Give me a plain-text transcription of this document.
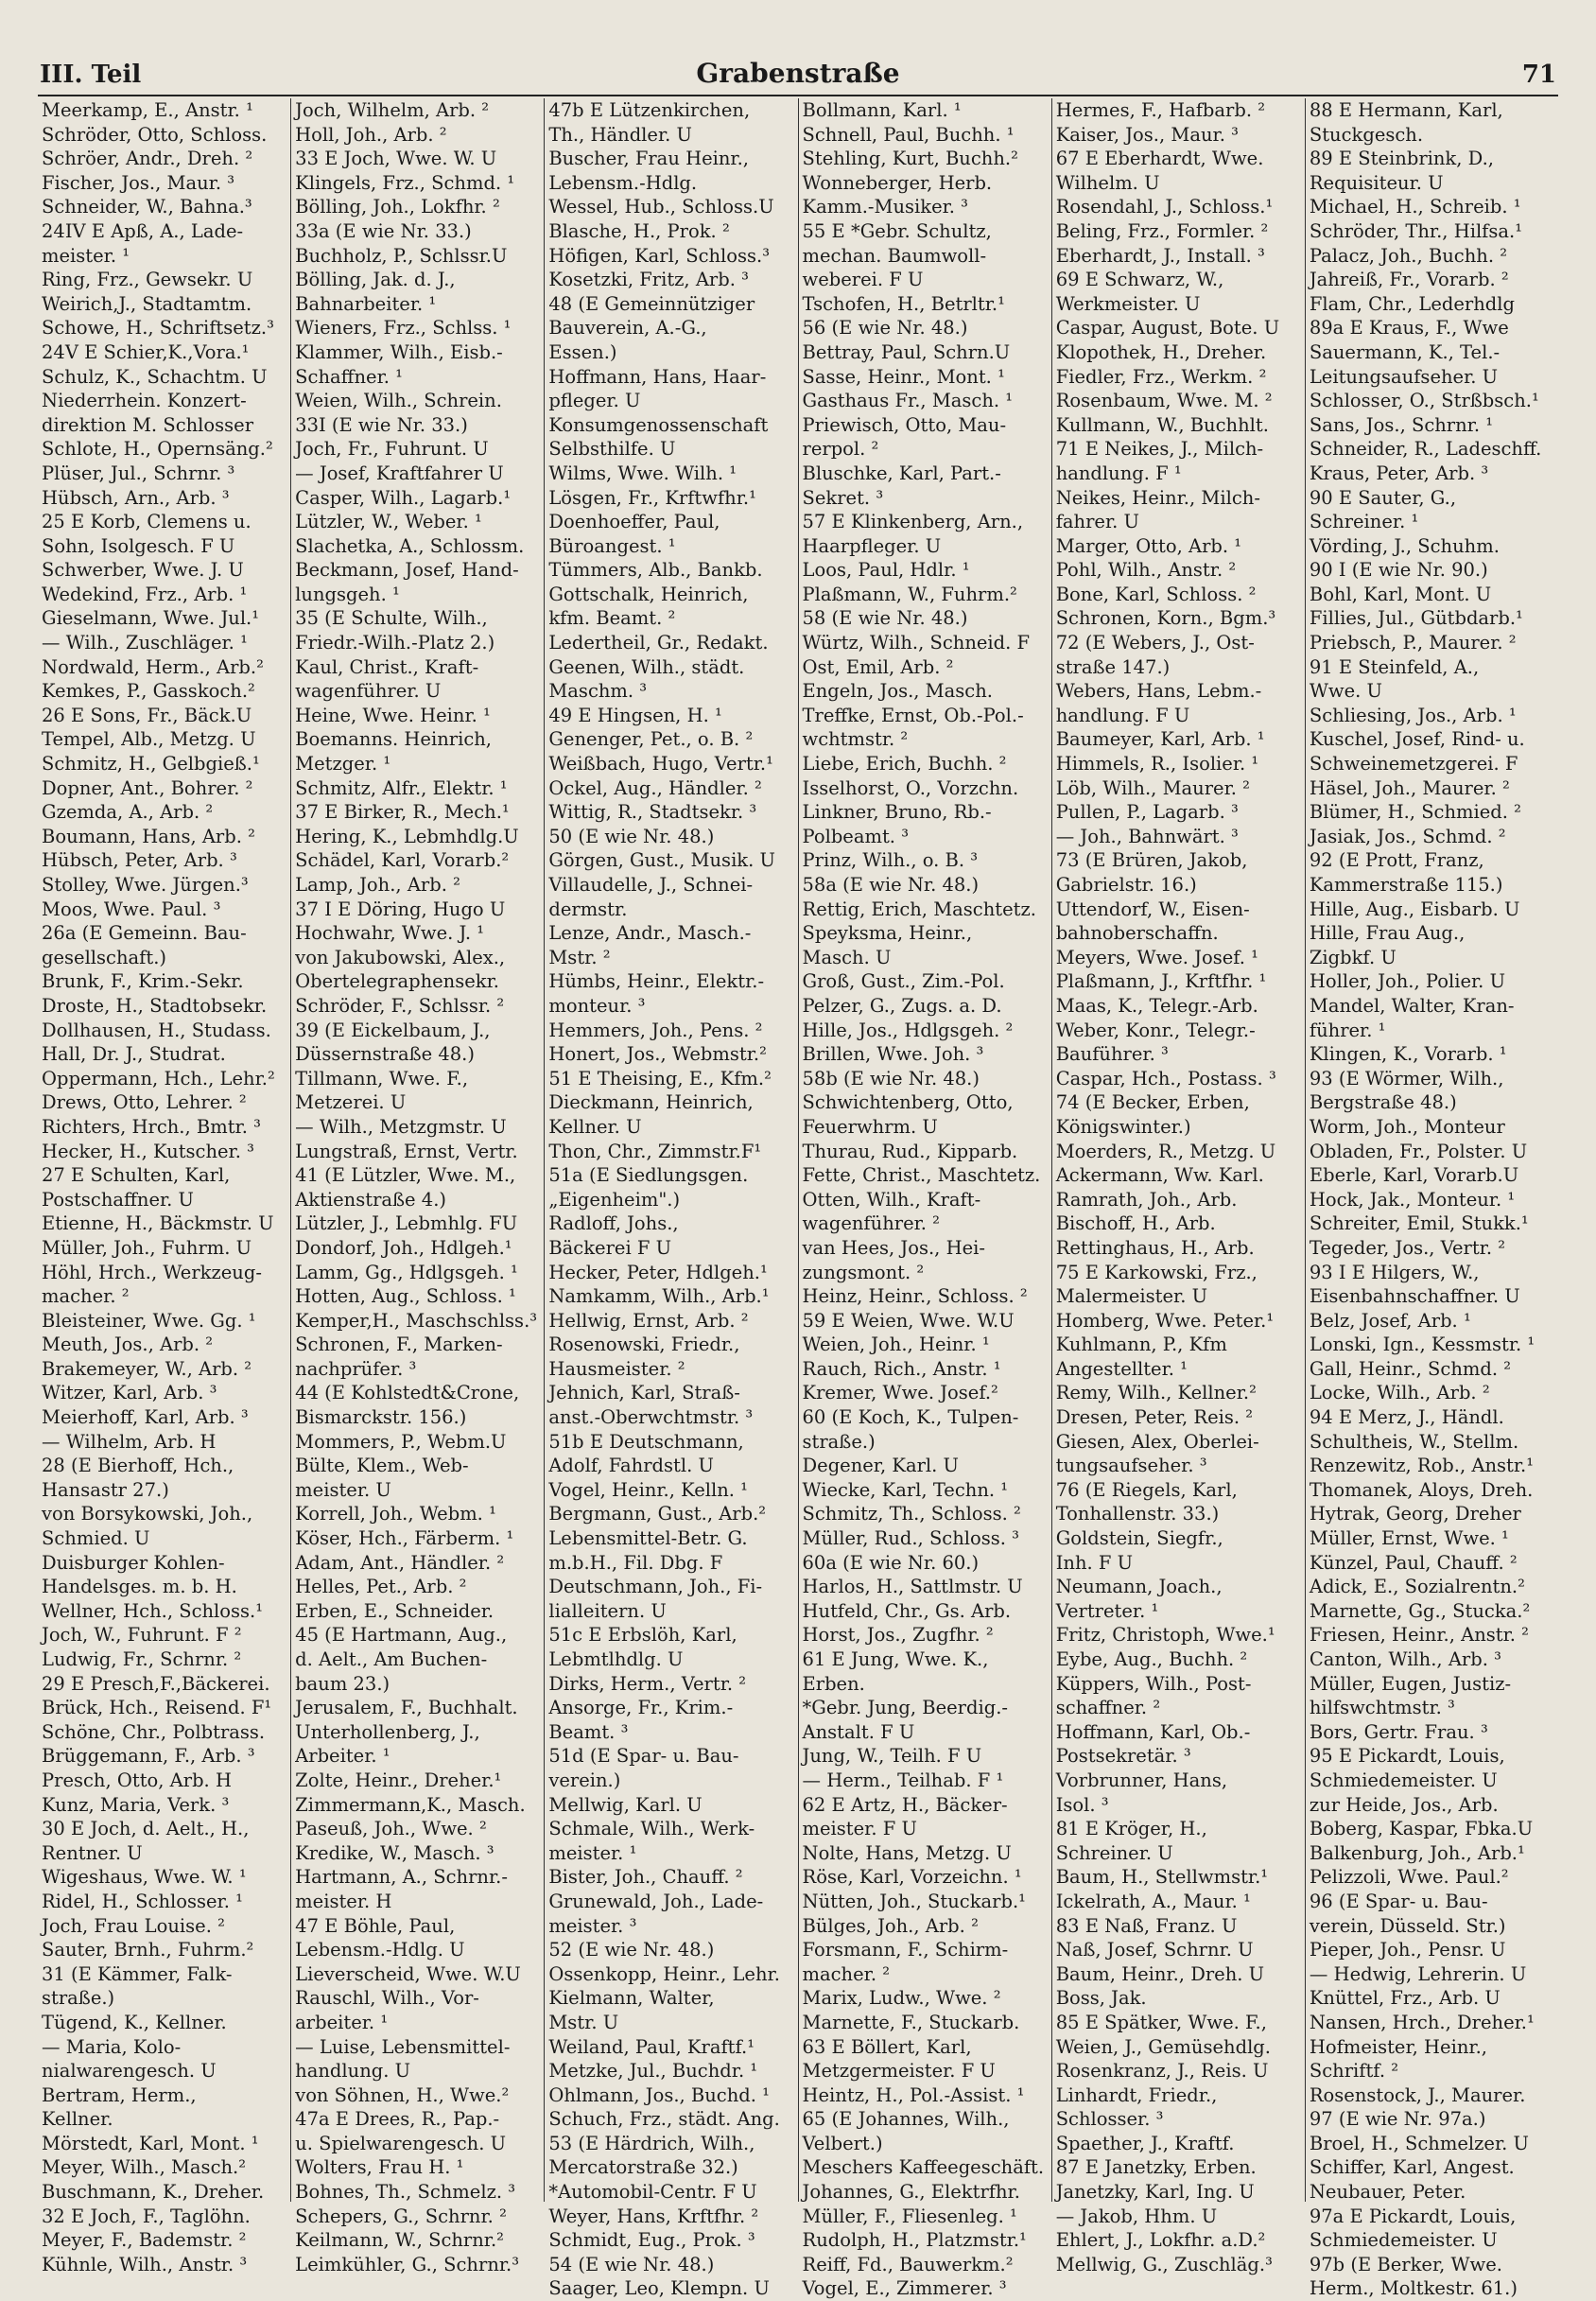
III. Teil	Grabenstraße	71
Meerkamp, E., Anstr. ¹
Schröder, Otto, Schloss.
Schröer, Andr., Dreh. ²
Fischer, Jos., Maur. ³
Schneider, W., Bahna.³
24IV E Apß, A., Lade-
meister. ¹
Ring, Frz., Gewsekr. U
Weirich,J., Stadtamtm.
Schowe, H., Schriftsetz.³
24V E Schier,K.,Vora.¹
Schulz, K., Schachtm. U
Niederrhein. Konzert-
direktion M. Schlosser
Schlote, H., Opernsäng.²
Plüser, Jul., Schrnr. ³
Hübsch, Arn., Arb. ³
25 E Korb, Clemens u.
Sohn, Isolgesch. F U
Schwerber, Wwe. J. U
Wedekind, Frz., Arb. ¹
Gieselmann, Wwe. Jul.¹
— Wilh., Zuschläger. ¹
Nordwald, Herm., Arb.²
Kemkes, P., Gasskoch.²
26 E Sons, Fr., Bäck.U
Tempel, Alb., Metzg. U
Schmitz, H., Gelbgieß.¹
Dopner, Ant., Bohrer. ²
Gzemda, A., Arb. ²
Boumann, Hans, Arb. ²
Hübsch, Peter, Arb. ³
Stolley, Wwe. Jürgen.³
Moos, Wwe. Paul. ³
26a (E Gemeinn. Bau-
gesellschaft.)
Brunk, F., Krim.-Sekr.
Droste, H., Stadtobsekr.
Dollhausen, H., Studass.
Hall, Dr. J., Studrat.
Oppermann, Hch., Lehr.²
Drews, Otto, Lehrer. ²
Richters, Hrch., Bmtr. ³
Hecker, H., Kutscher. ³
27 E Schulten, Karl,
Postschaffner. U
Etienne, H., Bäckmstr. U
Müller, Joh., Fuhrm. U
Höhl, Hrch., Werkzeug-
macher. ²
Bleisteiner, Wwe. Gg. ¹
Meuth, Jos., Arb. ²
Brakemeyer, W., Arb. ²
Witzer, Karl, Arb. ³
Meierhoff, Karl, Arb. ³
— Wilhelm, Arb. H
28 (E Bierhoff, Hch.,
Hansastr 27.)
von Borsykowski, Joh.,
Schmied. U
Duisburger Kohlen-
Handelsges. m. b. H.
Wellner, Hch., Schloss.¹
Joch, W., Fuhrunt. F ²
Ludwig, Fr., Schrnr. ²
29 E Presch,F.,Bäckerei.
Brück, Hch., Reisend. F¹
Schöne, Chr., Polbtrass.
Brüggemann, F., Arb. ³
Presch, Otto, Arb. H
Kunz, Maria, Verk. ³
30 E Joch, d. Aelt., H.,
Rentner. U
Wigeshaus, Wwe. W. ¹
Ridel, H., Schlosser. ¹
Joch, Frau Louise. ²
Sauter, Brnh., Fuhrm.²
31 (E Kämmer, Falk-
straße.)
Tügend, K., Kellner.
— Maria, Kolo-
nialwarengesch. U
Bertram, Herm.,
Kellner.
Mörstedt, Karl, Mont. ¹
Meyer, Wilh., Masch.²
Buschmann, K., Dreher.
32 E Joch, F., Taglöhn.
Meyer, F., Bademstr. ²
Kühnle, Wilh., Anstr. ³
Joch, Wilhelm, Arb. ²
Holl, Joh., Arb. ²
33 E Joch, Wwe. W. U
Klingels, Frz., Schmd. ¹
Bölling, Joh., Lokfhr. ²
33a (E wie Nr. 33.)
Buchholz, P., Schlssr.U
Bölling, Jak. d. J.,
Bahnarbeiter. ¹
Wieners, Frz., Schlss. ¹
Klammer, Wilh., Eisb.-
Schaffner. ¹
Weien, Wilh., Schrein.
33I (E wie Nr. 33.)
Joch, Fr., Fuhrunt. U
— Josef, Kraftfahrer U
Casper, Wilh., Lagarb.¹
Lützler, W., Weber. ¹
Slachetka, A., Schlossm.
Beckmann, Josef, Hand-
lungsgeh. ¹
35 (E Schulte, Wilh.,
Friedr.-Wilh.-Platz 2.)
Kaul, Christ., Kraft-
wagenführer. U
Heine, Wwe. Heinr. ¹
Boemanns. Heinrich,
Metzger. ¹
Schmitz, Alfr., Elektr. ¹
37 E Birker, R., Mech.¹
Hering, K., Lebmhdlg.U
Schädel, Karl, Vorarb.²
Lamp, Joh., Arb. ²
37 I E Döring, Hugo U
Hochwahr, Wwe. J. ¹
von Jakubowski, Alex.,
Obertelegraphensekr.
Schröder, F., Schlssr. ²
39 (E Eickelbaum, J.,
Düssernstraße 48.)
Tillmann, Wwe. F.,
Metzerei. U
— Wilh., Metzgmstr. U
Lungstraß, Ernst, Vertr.
41 (E Lützler, Wwe. M.,
Aktienstraße 4.)
Lützler, J., Lebmhlg. FU
Dondorf, Joh., Hdlgeh.¹
Lamm, Gg., Hdlgsgeh. ¹
Hotten, Aug., Schloss. ¹
Kemper,H., Maschschlss.³
Schronen, F., Marken-
nachprüfer. ³
44 (E Kohlstedt&Crone,
Bismarckstr. 156.)
Mommers, P., Webm.U
Bülte, Klem., Web-
meister. U
Korrell, Joh., Webm. ¹
Köser, Hch., Färberm. ¹
Adam, Ant., Händler. ²
Helles, Pet., Arb. ²
Erben, E., Schneider.
45 (E Hartmann, Aug.,
d. Aelt., Am Buchen-
baum 23.)
Jerusalem, F., Buchhalt.
Unterhollenberg, J.,
Arbeiter. ¹
Zolte, Heinr., Dreher.¹
Zimmermann,K., Masch.
Paseuß, Joh., Wwe. ²
Kredike, W., Masch. ³
Hartmann, A., Schrnr.-
meister. H
47 E Böhle, Paul,
Lebensm.-Hdlg. U
Lieverscheid, Wwe. W.U
Rauschl, Wilh., Vor-
arbeiter. ¹
— Luise, Lebensmittel-
handlung. U
von Söhnen, H., Wwe.²
47a E Drees, R., Pap.-
u. Spielwarengesch. U
Wolters, Frau H. ¹
Bohnes, Th., Schmelz. ³
Schepers, G., Schrnr. ²
Keilmann, W., Schrnr.²
Leimkühler, G., Schrnr.³
47b E Lützenkirchen,
Th., Händler. U
Buscher, Frau Heinr.,
Lebensm.-Hdlg.
Wessel, Hub., Schloss.U
Blasche, H., Prok. ²
Höfigen, Karl, Schloss.³
Kosetzki, Fritz, Arb. ³
48 (E Gemeinnütziger
Bauverein, A.-G.,
Essen.)
Hoffmann, Hans, Haar-
pfleger. U
Konsumgenossenschaft
Selbsthilfe. U
Wilms, Wwe. Wilh. ¹
Lösgen, Fr., Krftwfhr.¹
Doenhoeffer, Paul,
Büroangest. ¹
Tümmers, Alb., Bankb.
Gottschalk, Heinrich,
kfm. Beamt. ²
Ledertheil, Gr., Redakt.
Geenen, Wilh., städt.
Maschm. ³
49 E Hingsen, H. ¹
Genenger, Pet., o. B. ²
Weißbach, Hugo, Vertr.¹
Ockel, Aug., Händler. ²
Wittig, R., Stadtsekr. ³
50 (E wie Nr. 48.)
Görgen, Gust., Musik. U
Villaudelle, J., Schnei-
dermstr.
Lenze, Andr., Masch.-
Mstr. ²
Hümbs, Heinr., Elektr.-
monteur. ³
Hemmers, Joh., Pens. ²
Honert, Jos., Webmstr.²
51 E Theising, E., Kfm.²
Dieckmann, Heinrich,
Kellner. U
Thon, Chr., Zimmstr.F¹
51a (E Siedlungsgen.
„Eigenheim".)
Radloff, Johs.,
Bäckerei F U
Hecker, Peter, Hdlgeh.¹
Namkamm, Wilh., Arb.¹
Hellwig, Ernst, Arb. ²
Rosenowski, Friedr.,
Hausmeister. ²
Jehnich, Karl, Straß-
anst.-Oberwchtmstr. ³
51b E Deutschmann,
Adolf, Fahrdstl. U
Vogel, Heinr., Kelln. ¹
Bergmann, Gust., Arb.²
Lebensmittel-Betr. G.
m.b.H., Fil. Dbg. F
Deutschmann, Joh., Fi-
lialleitern. U
51c E Erbslöh, Karl,
Lebmtlhdlg. U
Dirks, Herm., Vertr. ²
Ansorge, Fr., Krim.-
Beamt. ³
51d (E Spar- u. Bau-
verein.)
Mellwig, Karl. U
Schmale, Wilh., Werk-
meister. ¹
Bister, Joh., Chauff. ²
Grunewald, Joh., Lade-
meister. ³
52 (E wie Nr. 48.)
Ossenkopp, Heinr., Lehr.
Kielmann, Walter,
Mstr. U
Weiland, Paul, Kraftf.¹
Metzke, Jul., Buchdr. ¹
Ohlmann, Jos., Buchd. ¹
Schuch, Frz., städt. Ang.
53 (E Härdrich, Wilh.,
Mercatorstraße 32.)
*Automobil-Centr. F U
Weyer, Hans, Krftfhr. ²
Schmidt, Eug., Prok. ³
54 (E wie Nr. 48.)
Saager, Leo, Klempn. U
Bollmann, Karl. ¹
Schnell, Paul, Buchh. ¹
Stehling, Kurt, Buchh.²
Wonneberger, Herb.
Kamm.-Musiker. ³
55 E *Gebr. Schultz,
mechan. Baumwoll-
weberei. F U
Tschofen, H., Betrltr.¹
56 (E wie Nr. 48.)
Bettray, Paul, Schrn.U
Sasse, Heinr., Mont. ¹
Gasthaus Fr., Masch. ¹
Priewisch, Otto, Mau-
rerpol. ²
Bluschke, Karl, Part.-
Sekret. ³
57 E Klinkenberg, Arn.,
Haarpfleger. U
Loos, Paul, Hdlr. ¹
Plaßmann, W., Fuhrm.²
58 (E wie Nr. 48.)
Würtz, Wilh., Schneid. F
Ost, Emil, Arb. ²
Engeln, Jos., Masch.
Treffke, Ernst, Ob.-Pol.-
wchtmstr. ²
Liebe, Erich, Buchh. ²
Isselhorst, O., Vorzchn.
Linkner, Bruno, Rb.-
Polbeamt. ³
Prinz, Wilh., o. B. ³
58a (E wie Nr. 48.)
Rettig, Erich, Maschtetz.
Speyksma, Heinr.,
Masch. U
Groß, Gust., Zim.-Pol.
Pelzer, G., Zugs. a. D.
Hille, Jos., Hdlgsgeh. ²
Brillen, Wwe. Joh. ³
58b (E wie Nr. 48.)
Schwichtenberg, Otto,
Feuerwhrm. U
Thurau, Rud., Kipparb.
Fette, Christ., Maschtetz.
Otten, Wilh., Kraft-
wagenführer. ²
van Hees, Jos., Hei-
zungsmont. ²
Heinz, Heinr., Schloss. ²
59 E Weien, Wwe. W.U
Weien, Joh., Heinr. ¹
Rauch, Rich., Anstr. ¹
Kremer, Wwe. Josef.²
60 (E Koch, K., Tulpen-
straße.)
Degener, Karl. U
Wiecke, Karl, Techn. ¹
Schmitz, Th., Schloss. ²
Müller, Rud., Schloss. ³
60a (E wie Nr. 60.)
Harlos, H., Sattlmstr. U
Hutfeld, Chr., Gs. Arb.
Horst, Jos., Zugfhr. ²
61 E Jung, Wwe. K.,
Erben.
*Gebr. Jung, Beerdig.-
Anstalt. F U
Jung, W., Teilh. F U
— Herm., Teilhab. F ¹
62 E Artz, H., Bäcker-
meister. F U
Nolte, Hans, Metzg. U
Röse, Karl, Vorzeichn. ¹
Nütten, Joh., Stuckarb.¹
Bülges, Joh., Arb. ²
Forsmann, F., Schirm-
macher. ²
Marix, Ludw., Wwe. ²
Marnette, F., Stuckarb.
63 E Böllert, Karl,
Metzgermeister. F U
Heintz, H., Pol.-Assist. ¹
65 (E Johannes, Wilh.,
Velbert.)
Meschers Kaffeegeschäft.
Johannes, G., Elektrfhr.
Müller, F., Fliesenleg. ¹
Rudolph, H., Platzmstr.¹
Reiff, Fd., Bauwerkm.²
Vogel, E., Zimmerer. ³
Hermes, F., Hafbarb. ²
Kaiser, Jos., Maur. ³
67 E Eberhardt, Wwe.
Wilhelm. U
Rosendahl, J., Schloss.¹
Beling, Frz., Formler. ²
Eberhardt, J., Install. ³
69 E Schwarz, W.,
Werkmeister. U
Caspar, August, Bote. U
Klopothek, H., Dreher.
Fiedler, Frz., Werkm. ²
Rosenbaum, Wwe. M. ²
Kullmann, W., Buchhlt.
71 E Neikes, J., Milch-
handlung. F ¹
Neikes, Heinr., Milch-
fahrer. U
Marger, Otto, Arb. ¹
Pohl, Wilh., Anstr. ²
Bone, Karl, Schloss. ²
Schronen, Korn., Bgm.³
72 (E Webers, J., Ost-
straße 147.)
Webers, Hans, Lebm.-
handlung. F U
Baumeyer, Karl, Arb. ¹
Himmels, R., Isolier. ¹
Löb, Wilh., Maurer. ²
Pullen, P., Lagarb. ³
— Joh., Bahnwärt. ³
73 (E Brüren, Jakob,
Gabrielstr. 16.)
Uttendorf, W., Eisen-
bahnoberschaffn.
Meyers, Wwe. Josef. ¹
Plaßmann, J., Krftfhr. ¹
Maas, K., Telegr.-Arb.
Weber, Konr., Telegr.-
Bauführer. ³
Caspar, Hch., Postass. ³
74 (E Becker, Erben,
Königswinter.)
Moerders, R., Metzg. U
Ackermann, Ww. Karl.
Ramrath, Joh., Arb.
Bischoff, H., Arb.
Rettinghaus, H., Arb.
75 E Karkowski, Frz.,
Malermeister. U
Homberg, Wwe. Peter.¹
Kuhlmann, P., Kfm
Angestellter. ¹
Remy, Wilh., Kellner.²
Dresen, Peter, Reis. ²
Giesen, Alex, Oberlei-
tungsaufseher. ³
76 (E Riegels, Karl,
Tonhallenstr. 33.)
Goldstein, Siegfr.,
Inh. F U
Neumann, Joach.,
Vertreter. ¹
Fritz, Christoph, Wwe.¹
Eybe, Aug., Buchh. ²
Küppers, Wilh., Post-
schaffner. ²
Hoffmann, Karl, Ob.-
Postsekretär. ³
Vorbrunner, Hans,
Isol. ³
81 E Kröger, H.,
Schreiner. U
Baum, H., Stellwmstr.¹
Ickelrath, A., Maur. ¹
83 E Naß, Franz. U
Naß, Josef, Schrnr. U
Baum, Heinr., Dreh. U
Boss, Jak.
85 E Spätker, Wwe. F.,
Weien, J., Gemüsehdlg.
Rosenkranz, J., Reis. U
Linhardt, Friedr.,
Schlosser. ³
Spaether, J., Kraftf.
87 E Janetzky, Erben.
Janetzky, Karl, Ing. U
— Jakob, Hhm. U
Ehlert, J., Lokfhr. a.D.²
Mellwig, G., Zuschläg.³
88 E Hermann, Karl,
Stuckgesch.
89 E Steinbrink, D.,
Requisiteur. U
Michael, H., Schreib. ¹
Schröder, Thr., Hilfsa.¹
Palacz, Joh., Buchh. ²
Jahreiß, Fr., Vorarb. ²
Flam, Chr., Lederhdlg
89a E Kraus, F., Wwe
Sauermann, K., Tel.-
Leitungsaufseher. U
Schlosser, O., Strßbsch.¹
Sans, Jos., Schrnr. ¹
Schneider, R., Ladeschff.
Kraus, Peter, Arb. ³
90 E Sauter, G.,
Schreiner. ¹
Vörding, J., Schuhm.
90 I (E wie Nr. 90.)
Bohl, Karl, Mont. U
Fillies, Jul., Gütbdarb.¹
Priebsch, P., Maurer. ²
91 E Steinfeld, A.,
Wwe. U
Schliesing, Jos., Arb. ¹
Kuschel, Josef, Rind- u.
Schweinemetzgerei. F
Häsel, Joh., Maurer. ²
Blümer, H., Schmied. ²
Jasiak, Jos., Schmd. ²
92 (E Prott, Franz,
Kammerstraße 115.)
Hille, Aug., Eisbarb. U
Hille, Frau Aug.,
Zigbkf. U
Holler, Joh., Polier. U
Mandel, Walter, Kran-
führer. ¹
Klingen, K., Vorarb. ¹
93 (E Wörmer, Wilh.,
Bergstraße 48.)
Worm, Joh., Monteur
Obladen, Fr., Polster. U
Eberle, Karl, Vorarb.U
Hock, Jak., Monteur. ¹
Schreiter, Emil, Stukk.¹
Tegeder, Jos., Vertr. ²
93 I E Hilgers, W.,
Eisenbahnschaffner. U
Belz, Josef, Arb. ¹
Lonski, Ign., Kessmstr. ¹
Gall, Heinr., Schmd. ²
Locke, Wilh., Arb. ²
94 E Merz, J., Händl.
Schultheis, W., Stellm.
Renzewitz, Rob., Anstr.¹
Thomanek, Aloys, Dreh.
Hytrak, Georg, Dreher
Müller, Ernst, Wwe. ¹
Künzel, Paul, Chauff. ²
Adick, E., Sozialrentn.²
Marnette, Gg., Stucka.²
Friesen, Heinr., Anstr. ²
Canton, Wilh., Arb. ³
Müller, Eugen, Justiz-
hilfswchtmstr. ³
Bors, Gertr. Frau. ³
95 E Pickardt, Louis,
Schmiedemeister. U
zur Heide, Jos., Arb.
Boberg, Kaspar, Fbka.U
Balkenburg, Joh., Arb.¹
Pelizzoli, Wwe. Paul.²
96 (E Spar- u. Bau-
verein, Düsseld. Str.)
Pieper, Joh., Pensr. U
— Hedwig, Lehrerin. U
Knüttel, Frz., Arb. U
Nansen, Hrch., Dreher.¹
Hofmeister, Heinr.,
Schriftf. ²
Rosenstock, J., Maurer.
97 (E wie Nr. 97a.)
Broel, H., Schmelzer. U
Schiffer, Karl, Angest.
Neubauer, Peter.
97a E Pickardt, Louis,
Schmiedemeister. U
97b (E Berker, Wwe.
Herm., Moltkestr. 61.)
